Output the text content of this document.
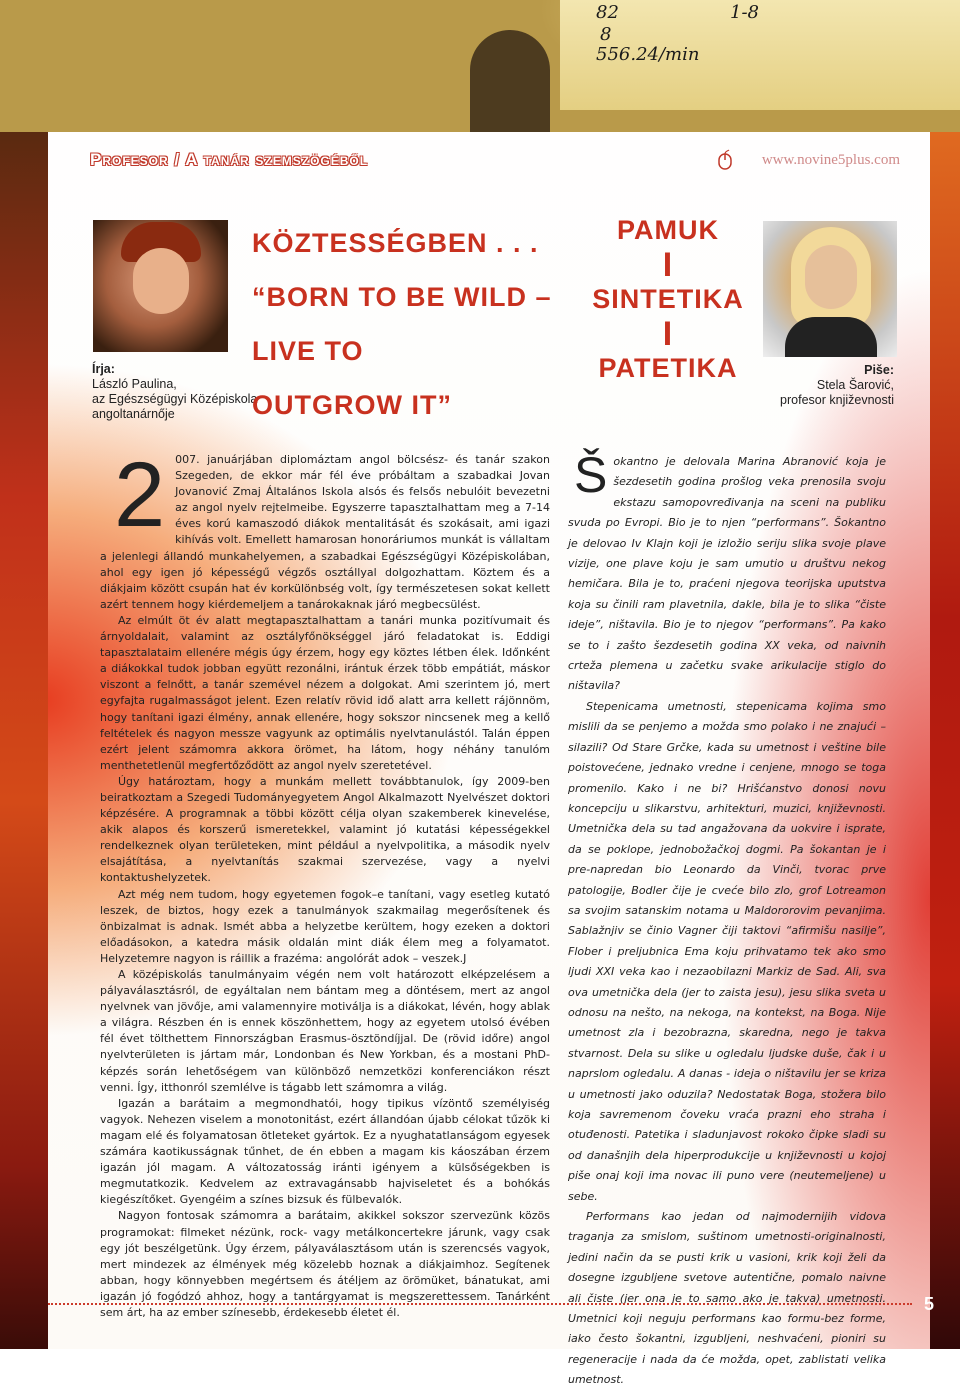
82
8
556.24/min
1-8
Profesor / A tanár szemszögéből	www.novine5plus.com
Írja:
László Paulina,
az Egészségügyi Középiskola
angoltanárnője
KÖZTESSÉGBEN . . .
“BORN TO BE WILD –
LIVE TO
OUTGROW IT”
PAMUK
I
SINTETIKA
I
PATETIKA	Piše:
Stela Šarović,
profesor književnosti
2 007. januárjában diplomáztam angol bölcsész- és tanár szakon Szegeden, de ekkor már fél éve próbáltam a szabadkai Jovan Jovanović Zmaj Általános Iskola alsós és felsős nebulóit bevezetni az angol nyelv rejtelmeibe. Egyszerre tapasztalhattam meg a 7-14 éves korú kamaszodó diákok mentalitását és szokásait, ami igazi kihívás volt. Emellett hamarosan honoráriumos munkát is vállaltam a jelenlegi állandó munkahelyemen, a szabadkai Egészségügyi Középiskolában, ahol egy igen jó képességű végzős osztállyal dolgozhattam. Köztem és a diákjaim között csupán hat év korkülönbség volt, így természetesen sokat kellett azért tennem hogy kiérdemeljem a tanárokaknak járó megbecsülést.

Az elmúlt öt év alatt megtapasztalhattam a tanári munka pozitívumait és árnyoldalait, valamint az osztályfőnökséggel járó feladatokat is. Eddigi tapasztalataim ellenére mégis úgy érzem, hogy egy köztes létben élek. Időnként a diákokkal tudok jobban együtt rezonálni, irántuk érzek több empátiát, máskor viszont a felnőtt, a tanár szemével nézem a dolgokat. Ami szerintem jó, mert egyfajta rugalmasságot jelent. Ezen relatív rövid idő alatt arra kellett rájönnöm, hogy tanítani igazi élmény, annak ellenére, hogy sokszor nincsenek meg a kellő feltételek és nagyon messze vagyunk az optimális nyelvtanulástól. Talán éppen ezért jelent számomra akkora örömet, ha látom, hogy néhány tanulóm menthetetlenül megfertőződött az angol nyelv szeretetével.

Úgy határoztam, hogy a munkám mellett továbbtanulok, így 2009-ben beiratkoztam a Szegedi Tudományegyetem Angol Alkalmazott Nyelvészet doktori képzésére. A programnak a többi között célja olyan szakemberek kinevelése, akik alapos és korszerű ismeretekkel, valamint jó kutatási képességekkel rendelkeznek olyan területeken, mint például a nyelvpolitika, a második nyelv elsajátítása, a nyelvtanítás szakmai szervezése, vagy a nyelvi kontaktushelyzetek.

Azt még nem tudom, hogy egyetemen fogok–e tanítani, vagy esetleg kutató leszek, de biztos, hogy ezek a tanulmányok szakmailag megerősítenek és önbizalmat is adnak. Ismét abba a helyzetbe kerültem, hogy ezeken a doktori előadásokon, a katedra másik oldalán mint diák élem meg a folyamatot. Helyzetemre nagyon is ráillik a frazéma: angolórát adok – veszek.J

A középiskolás tanulmányaim végén nem volt határozott elképzelésem a pályaválasztásról, de egyáltalan nem bántam meg a döntésem, mert az angol nyelvnek van jövője, ami valamennyire motiválja is a diákokat, lévén, hogy ablak a világra. Részben én is ennek köszönhettem, hogy az egyetem utolsó évében fél évet tölthettem Finnországban Erasmus-ösztöndíjjal. De (rövid időre) angol nyelvterületen is jártam már, Londonban és New Yorkban, és a mostani PhD-képzés során lehetőségem van különböző nemzetközi konferenciákon részt venni. Így, itthonról szemlélve is tágabb lett számomra a világ.

Igazán a barátaim a megmondhatói, hogy tipikus vízöntő személyiség vagyok. Nehezen viselem a monotonitást, ezért állandóan újabb célokat tűzök ki magam elé és folyamatosan ötleteket gyártok. Ez a nyughatatlanságom egyesek számára kaotikusságnak tűnhet, de én ebben a magam kis káoszában érzem igazán jól magam. A változatosság iránti igényem a külsőségekben is megmutatkozik. Kedvelem az extravagánsabb hajviseletet és a bohókás kiegészítőket. Gyengéim a színes bizsuk és fülbevalók.

Nagyon fontosak számomra a barátaim, akikkel sokszor szervezünk közös programokat: filmeket nézünk, rock- vagy metálkoncertekre járunk, vagy csak egy jót beszélgetünk. Úgy érzem, pályaválasztásom után is szerencsés vagyok, mert mindezek az élmények még közelebb hoznak a diákjaimhoz. Segítenek abban, hogy könnyebben megértsem és átéljem az örömüket, bánatukat, ami igazán jó fogódzó ahhoz, hogy a tantárgyamat is megszerettessem. Tanárként sem árt, ha az ember színesebb, érdekesebb életet él.

Š okantno je delovala Marina Abranović koja je šezdesetih godina prošlog veka prenosila svoju ekstazu samopovređivanja na sceni na publiku svuda po Evropi. Bio je to njen “performans”. Šokantno je delovao Iv Klajn koji je izložio seriju slika svoje plave vizije, one plave koju je sam umutio u društvu nekog hemičara. Bila je to, praćeni njegova teorijska uputstva koja su činili ram plavetnila, dakle, bila je to slika “čiste ideje”, ništavila. Bio je to njegov “performans”. Pa kako se to i zašto šezdesetih godina XX veka, od naivnih crteža plemena u začetku svake arikulacije stiglo do ništavila?

Stepenicama umetnosti, stepenicama kojima smo mislili da se penjemo a možda smo polako i ne znajući – silazili? Od Stare Grčke, kada su umetnost i veštine bile poistovećene, jednako vredne i cenjene, mnogo se toga promenilo. Kako i ne bi? Hrišćanstvo donosi novu koncepciju u slikarstvu, arhitekturi, muzici, književnosti. Umetnička dela su tad angažovana da uokvire i isprate, da se poklope, jednobožačkoj dogmi. Pa šokantan je i pre-napredan bio Leonardo da Vinči, tvorac prve patologije, Bodler čije je cveće bilo zlo, grof Lotreamon sa svojim satanskim notama u Maldororovim pevanjima. Sablažnjiv se činio Vagner čiji taktovi “afirmišu nasilje”, Flober i preljubnica Ema koju prihvatamo tek ako smo ljudi XXI veka kao i nezaobilazni Markiz de Sad. Ali, sva ova umetnička dela (jer to zaista jesu), jesu slika sveta u odnosu na nešto, na nekoga, na kontekst, na Boga. Nije umetnost zla i bezobrazna, skaredna, nego je takva stvarnost. Dela su slike u ogledalu ljudske duše, čak i u naprslom ogledalu. A danas - ideja o ništavilu jer se kriza u umetnosti jako oduzila? Nedostatak Boga, stožera bilo koja savremenom čoveku vraća prazni eho straha i otuđenosti. Patetika i sladunjavost rokoko čipke sladi su od današnjih dela hiperprodukcije u književnosti u kojoj piše onaj koji ima novac ili puno vere (neutemeljene) u sebe.

Performans kao jedan od najmodernijih vidova traganja za smislom, suštinom umetnosti-originalnosti, jedini način da se pusti krik u vasioni, krik koji želi da dosegne izgubljene svetove autentične, pomalo naivne ali čiste (jer ona je to samo ako je takva) umetnosti. Umetnici koji neguju performans kao formu-bez forme, iako često šokantni, izgubljeni, neshvaćeni, pioniri su regeneracije i nada da će možda, opet, zablistati velika umetnost.

5
